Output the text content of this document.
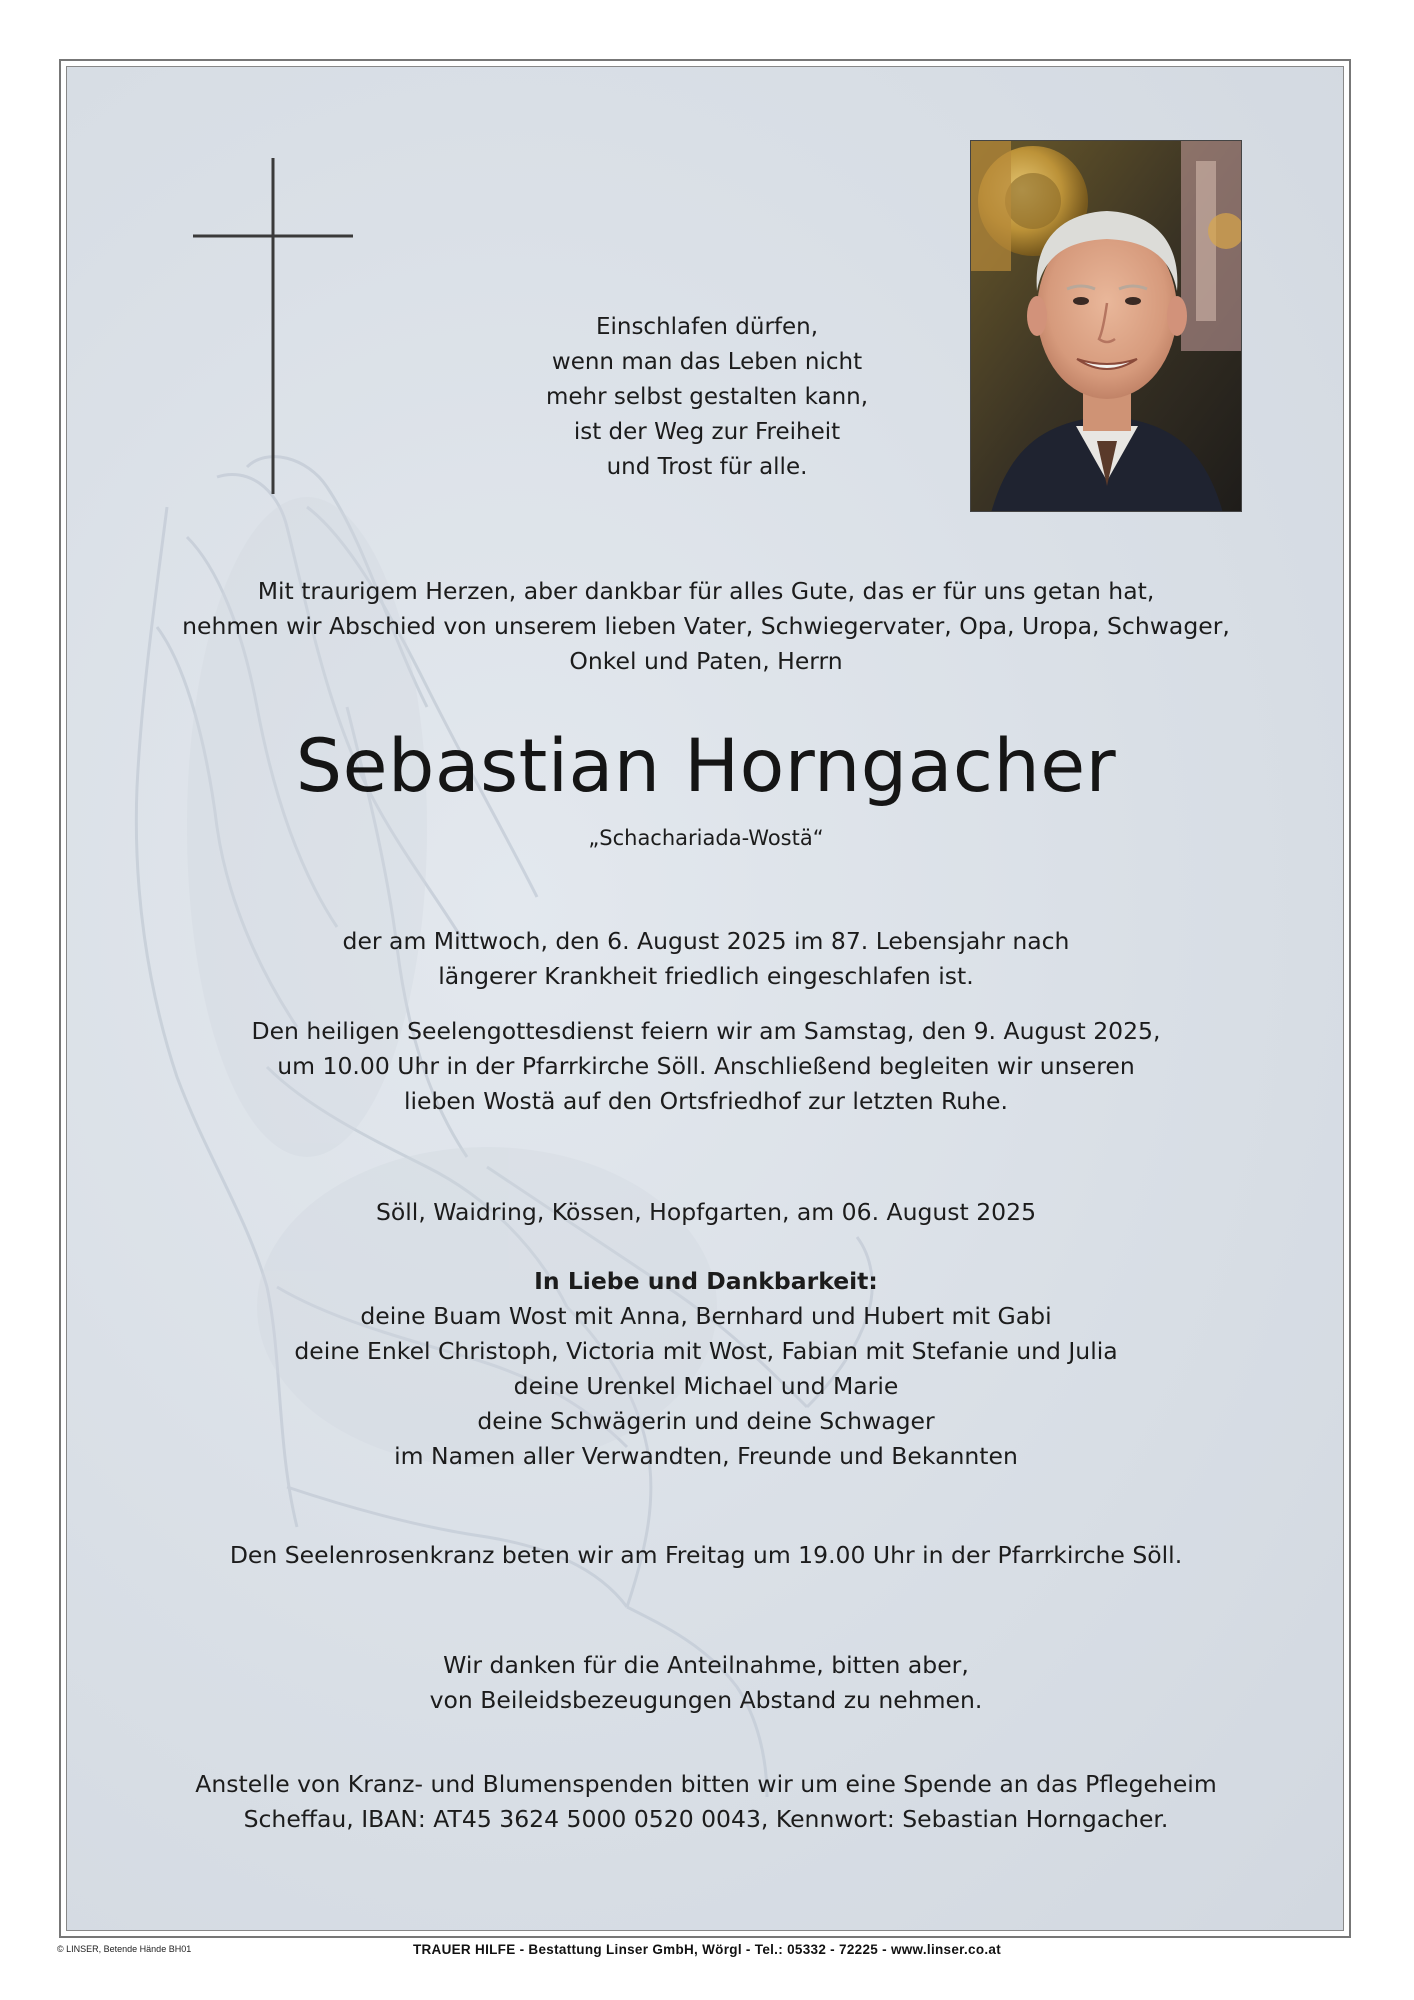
Einschlafen dürfen,
wenn man das Leben nicht
mehr selbst gestalten kann,
ist der Weg zur Freiheit
und Trost für alle.
Mit traurigem Herzen, aber dankbar für alles Gute, das er für uns getan hat,
nehmen wir Abschied von unserem lieben Vater, Schwiegervater, Opa, Uropa, Schwager,
Onkel und Paten, Herrn
Sebastian Horngacher
„Schachariada-Wostä“
der am Mittwoch, den 6. August 2025 im 87. Lebensjahr nach
längerer Krankheit friedlich eingeschlafen ist.
Den heiligen Seelengottesdienst feiern wir am Samstag, den 9. August 2025,
um 10.00 Uhr in der Pfarrkirche Söll. Anschließend begleiten wir unseren
lieben Wostä auf den Ortsfriedhof zur letzten Ruhe.
Söll, Waidring, Kössen, Hopfgarten, am 06. August 2025
In Liebe und Dankbarkeit:
deine Buam Wost mit Anna, Bernhard und Hubert mit Gabi
deine Enkel Christoph, Victoria mit Wost, Fabian mit Stefanie und Julia
deine Urenkel Michael und Marie
deine Schwägerin und deine Schwager
im Namen aller Verwandten, Freunde und Bekannten
Den Seelenrosenkranz beten wir am Freitag um 19.00 Uhr in der Pfarrkirche Söll.
Wir danken für die Anteilnahme, bitten aber,
von Beileidsbezeugungen Abstand zu nehmen.
Anstelle von Kranz- und Blumenspenden bitten wir um eine Spende an das Pflegeheim
Scheffau, IBAN: AT45 3624 5000 0520 0043, Kennwort: Sebastian Horngacher.
© LINSER, Betende Hände BH01	TRAUER HILFE - Bestattung Linser GmbH, Wörgl - Tel.: 05332 - 72225 - www.linser.co.at
